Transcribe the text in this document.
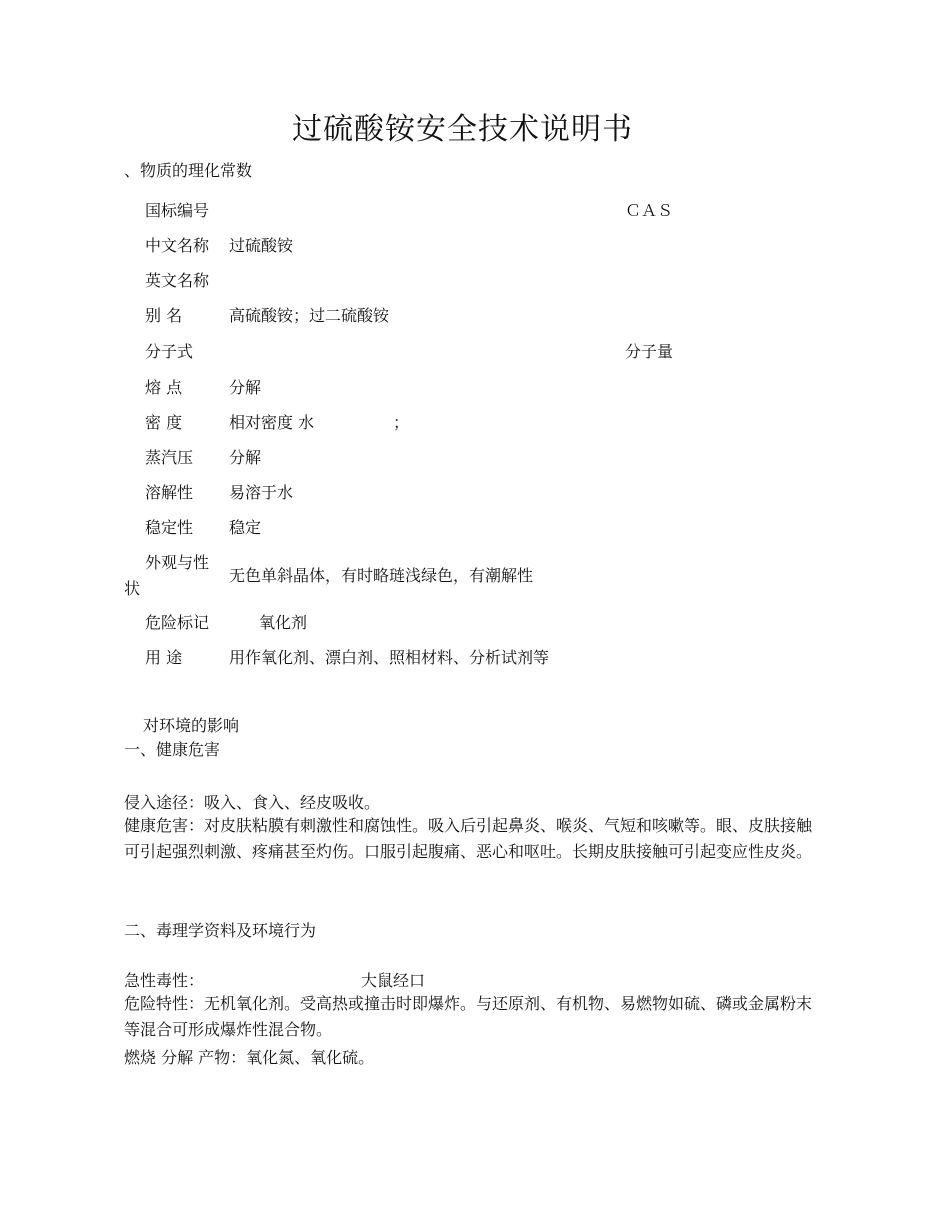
过硫酸铵安全技术说明书
、物质的理化常数
国标编号	ＣＡＳ
中文名称 过硫酸铵
英文名称
别 名	高硫酸铵；过二硫酸铵
分子式	分子量
熔 点	分解
密 度	相对密度 水	；
蒸汽压 分解
溶解性 易溶于水
稳定性 稳定
外观与性
状
无色单斜晶体，有时略琏浅绿色，有潮解性
危险标记	氧化剂
用 途	用作氧化剂、漂白剂、照相材料、分析试剂等
对环境的影响
一、健康危害
侵入途径：吸入、食入、经皮吸收。
健康危害：对皮肤粘膜有刺激性和腐蚀性。吸入后引起鼻炎、喉炎、气短和咳嗽等。眼、皮肤接触可引起强烈刺激、疼痛甚至灼伤。口服引起腹痛、恶心和呕吐。长期皮肤接触可引起变应性皮炎。
二、毒理学资料及环境行为
急性毒性：	大鼠经口
危险特性：无机氧化剂。受高热或撞击时即爆炸。与还原剂、有机物、易燃物如硫、磷或金属粉末等混合可形成爆炸性混合物。
燃烧 分解 产物：氧化氮、氧化硫。
